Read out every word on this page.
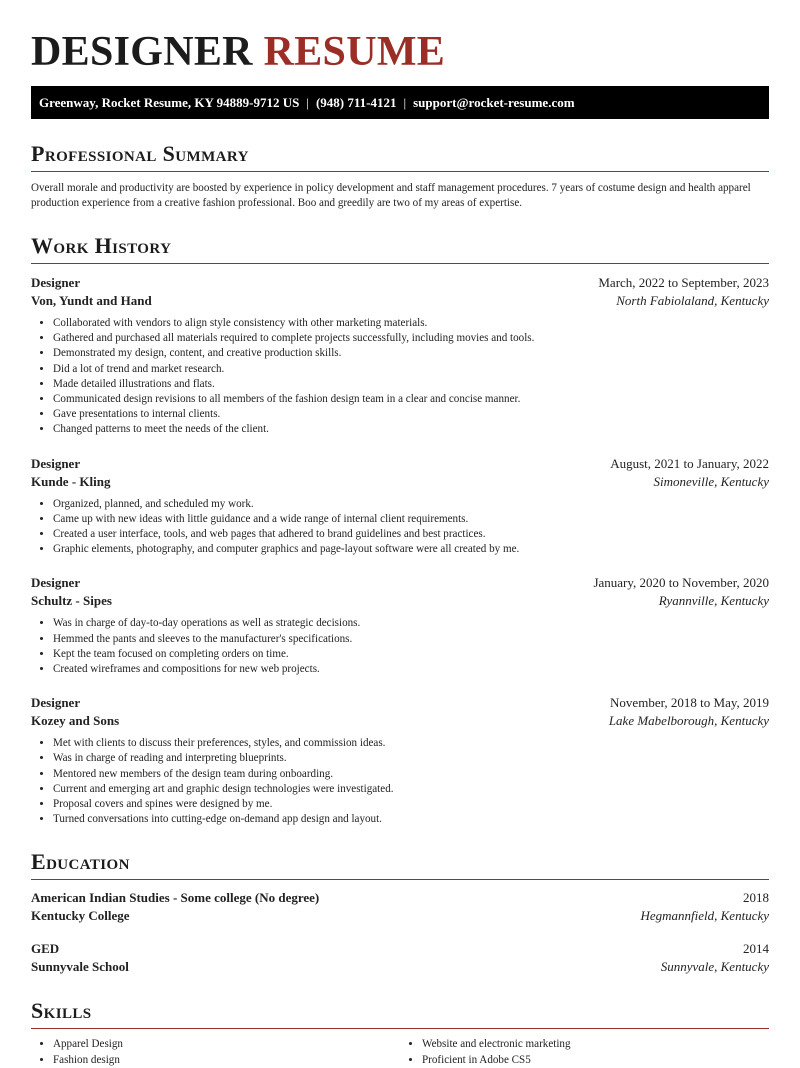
DESIGNER RESUME
Greenway, Rocket Resume, KY 94889-9712 US | (948) 711-4121 | support@rocket-resume.com
Professional Summary

Overall morale and productivity are boosted by experience in policy development and staff management procedures. 7 years of costume design and health apparel production experience from a creative fashion professional. Boo and greedily are two of my areas of expertise.

Work History
Designer	March, 2022 to September, 2023
Von, Yundt and Hand	North Fabiolaland, Kentucky
• Collaborated with vendors to align style consistency with other marketing materials.
• Gathered and purchased all materials required to complete projects successfully, including movies and tools.
• Demonstrated my design, content, and creative production skills.
• Did a lot of trend and market research.
• Made detailed illustrations and flats.
• Communicated design revisions to all members of the fashion design team in a clear and concise manner.
• Gave presentations to internal clients.
• Changed patterns to meet the needs of the client.
Designer	August, 2021 to January, 2022
Kunde - Kling	Simoneville, Kentucky
• Organized, planned, and scheduled my work.
• Came up with new ideas with little guidance and a wide range of internal client requirements.
• Created a user interface, tools, and web pages that adhered to brand guidelines and best practices.
• Graphic elements, photography, and computer graphics and page-layout software were all created by me.
Designer	January, 2020 to November, 2020
Schultz - Sipes	Ryannville, Kentucky
• Was in charge of day-to-day operations as well as strategic decisions.
• Hemmed the pants and sleeves to the manufacturer's specifications.
• Kept the team focused on completing orders on time.
• Created wireframes and compositions for new web projects.
Designer	November, 2018 to May, 2019
Kozey and Sons	Lake Mabelborough, Kentucky
• Met with clients to discuss their preferences, styles, and commission ideas.
• Was in charge of reading and interpreting blueprints.
• Mentored new members of the design team during onboarding.
• Current and emerging art and graphic design technologies were investigated.
• Proposal covers and spines were designed by me.
• Turned conversations into cutting-edge on-demand app design and layout.
Education
American Indian Studies - Some college (No degree)	2018
Kentucky College	Hegmannfield, Kentucky
GED	2014
Sunnyvale School	Sunnyvale, Kentucky
Skills
• Apparel Design
• Fashion design
• Website and electronic marketing
• Proficient in Adobe CS5
